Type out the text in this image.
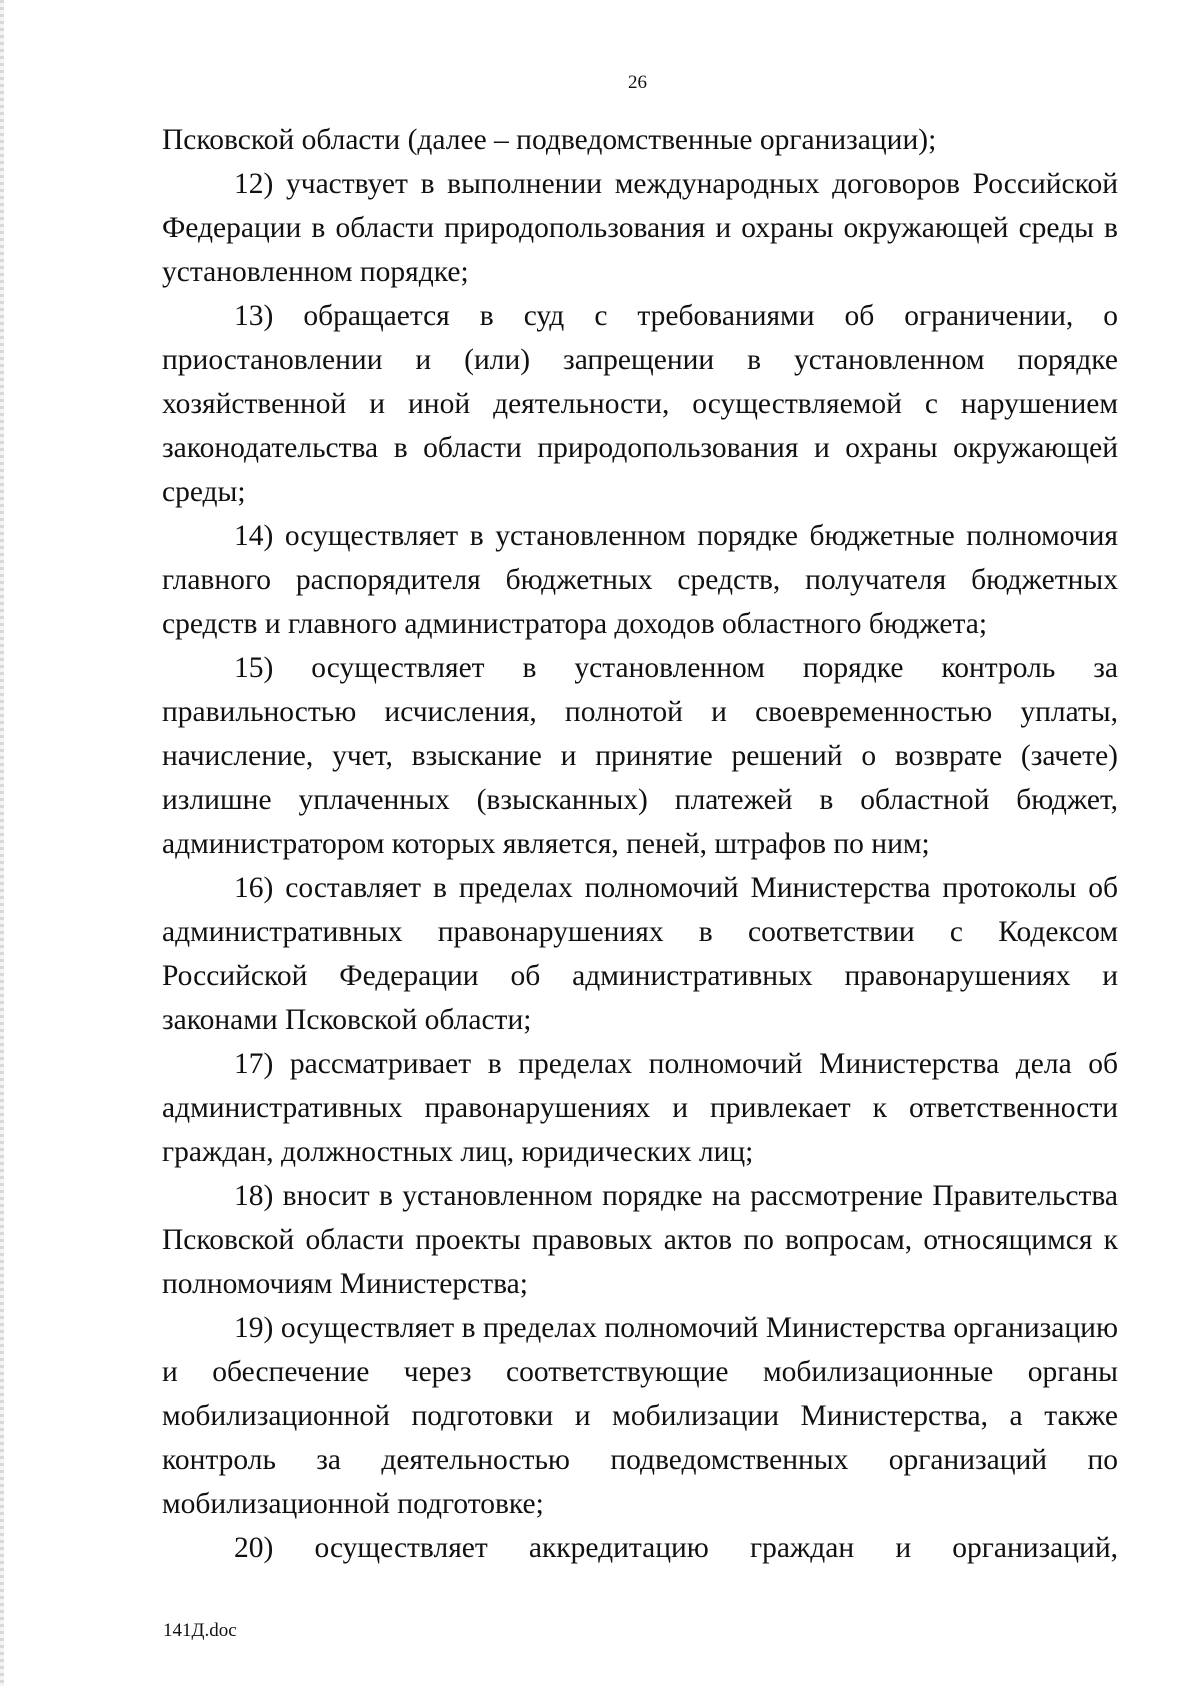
26

Псковской области (далее – подведомственные организации);

12) участвует в выполнении международных договоров Российской Федерации в области природопользования и охраны окружающей среды в установленном порядке;

13) обращается в суд с требованиями об ограничении, о приостановлении и (или) запрещении в установленном порядке хозяйственной и иной деятельности, осуществляемой с нарушением законодательства в области природопользования и охраны окружающей среды;

14) осуществляет в установленном порядке бюджетные полномочия главного распорядителя бюджетных средств, получателя бюджетных средств и главного администратора доходов областного бюджета;

15) осуществляет в установленном порядке контроль за правильностью исчисления, полнотой и своевременностью уплаты, начисление, учет, взыскание и принятие решений о возврате (зачете) излишне уплаченных (взысканных) платежей в областной бюджет, администратором которых является, пеней, штрафов по ним;

16) составляет в пределах полномочий Министерства протоколы об административных правонарушениях в соответствии с Кодексом Российской Федерации об административных правонарушениях и законами Псковской области;

17) рассматривает в пределах полномочий Министерства дела об административных правонарушениях и привлекает к ответственности граждан, должностных лиц, юридических лиц;

18) вносит в установленном порядке на рассмотрение Правительства Псковской области проекты правовых актов по вопросам, относящимся к полномочиям Министерства;

19) осуществляет в пределах полномочий Министерства организацию и обеспечение через соответствующие мобилизационные органы мобилизационной подготовки и мобилизации Министерства, а также контроль за деятельностью подведомственных организаций по мобилизационной подготовке;

20) осуществляет аккредитацию граждан и организаций,

141Д.doc
